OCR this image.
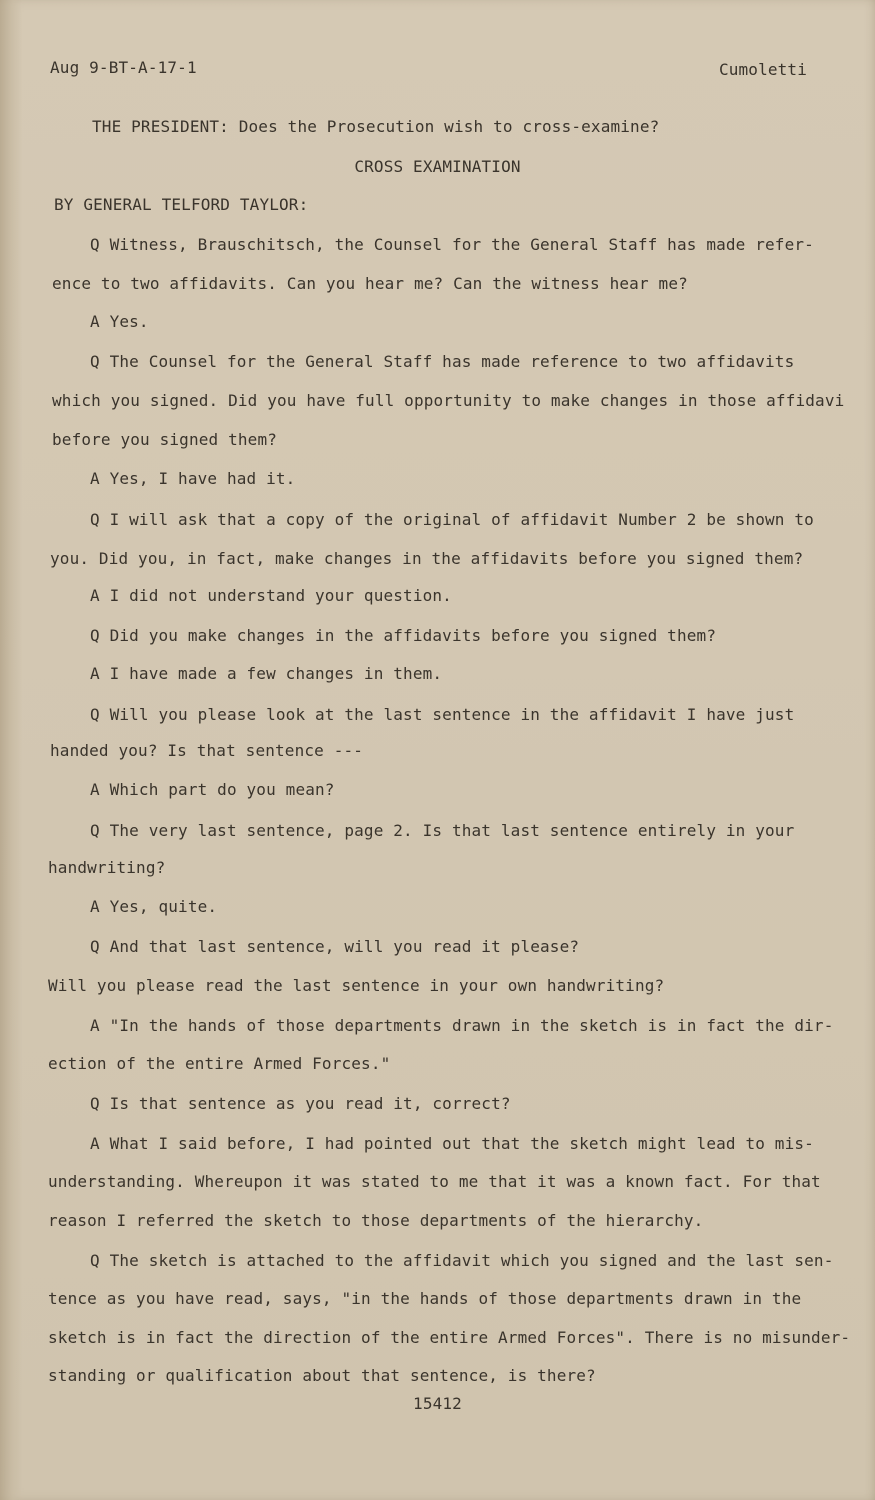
Aug 9-BT-A-17-1	Cumoletti
THE PRESIDENT: Does the Prosecution wish to cross-examine?
CROSS EXAMINATION
BY GENERAL TELFORD TAYLOR:
Q Witness, Brauschitsch, the Counsel for the General Staff has made refer-
ence to two affidavits. Can you hear me? Can the witness hear me?
A Yes.
Q The Counsel for the General Staff has made reference to two affidavits
which you signed. Did you have full opportunity to make changes in those affidavi
before you signed them?
A Yes, I have had it.
Q I will ask that a copy of the original of affidavit Number 2 be shown to
you. Did you, in fact, make changes in the affidavits before you signed them?
A I did not understand your question.
Q Did you make changes in the affidavits before you signed them?
A I have made a few changes in them.
Q Will you please look at the last sentence in the affidavit I have just
handed you? Is that sentence ---
A Which part do you mean?
Q The very last sentence, page 2. Is that last sentence entirely in your
handwriting?
A Yes, quite.
Q And that last sentence, will you read it please?
Will you please read the last sentence in your own handwriting?
A "In the hands of those departments drawn in the sketch is in fact the dir-
ection of the entire Armed Forces."
Q Is that sentence as you read it, correct?
A What I said before, I had pointed out that the sketch might lead to mis-
understanding. Whereupon it was stated to me that it was a known fact. For that
reason I referred the sketch to those departments of the hierarchy.
Q The sketch is attached to the affidavit which you signed and the last sen-
tence as you have read, says, "in the hands of those departments drawn in the
sketch is in fact the direction of the entire Armed Forces". There is no misunder-
standing or qualification about that sentence, is there?
15412
